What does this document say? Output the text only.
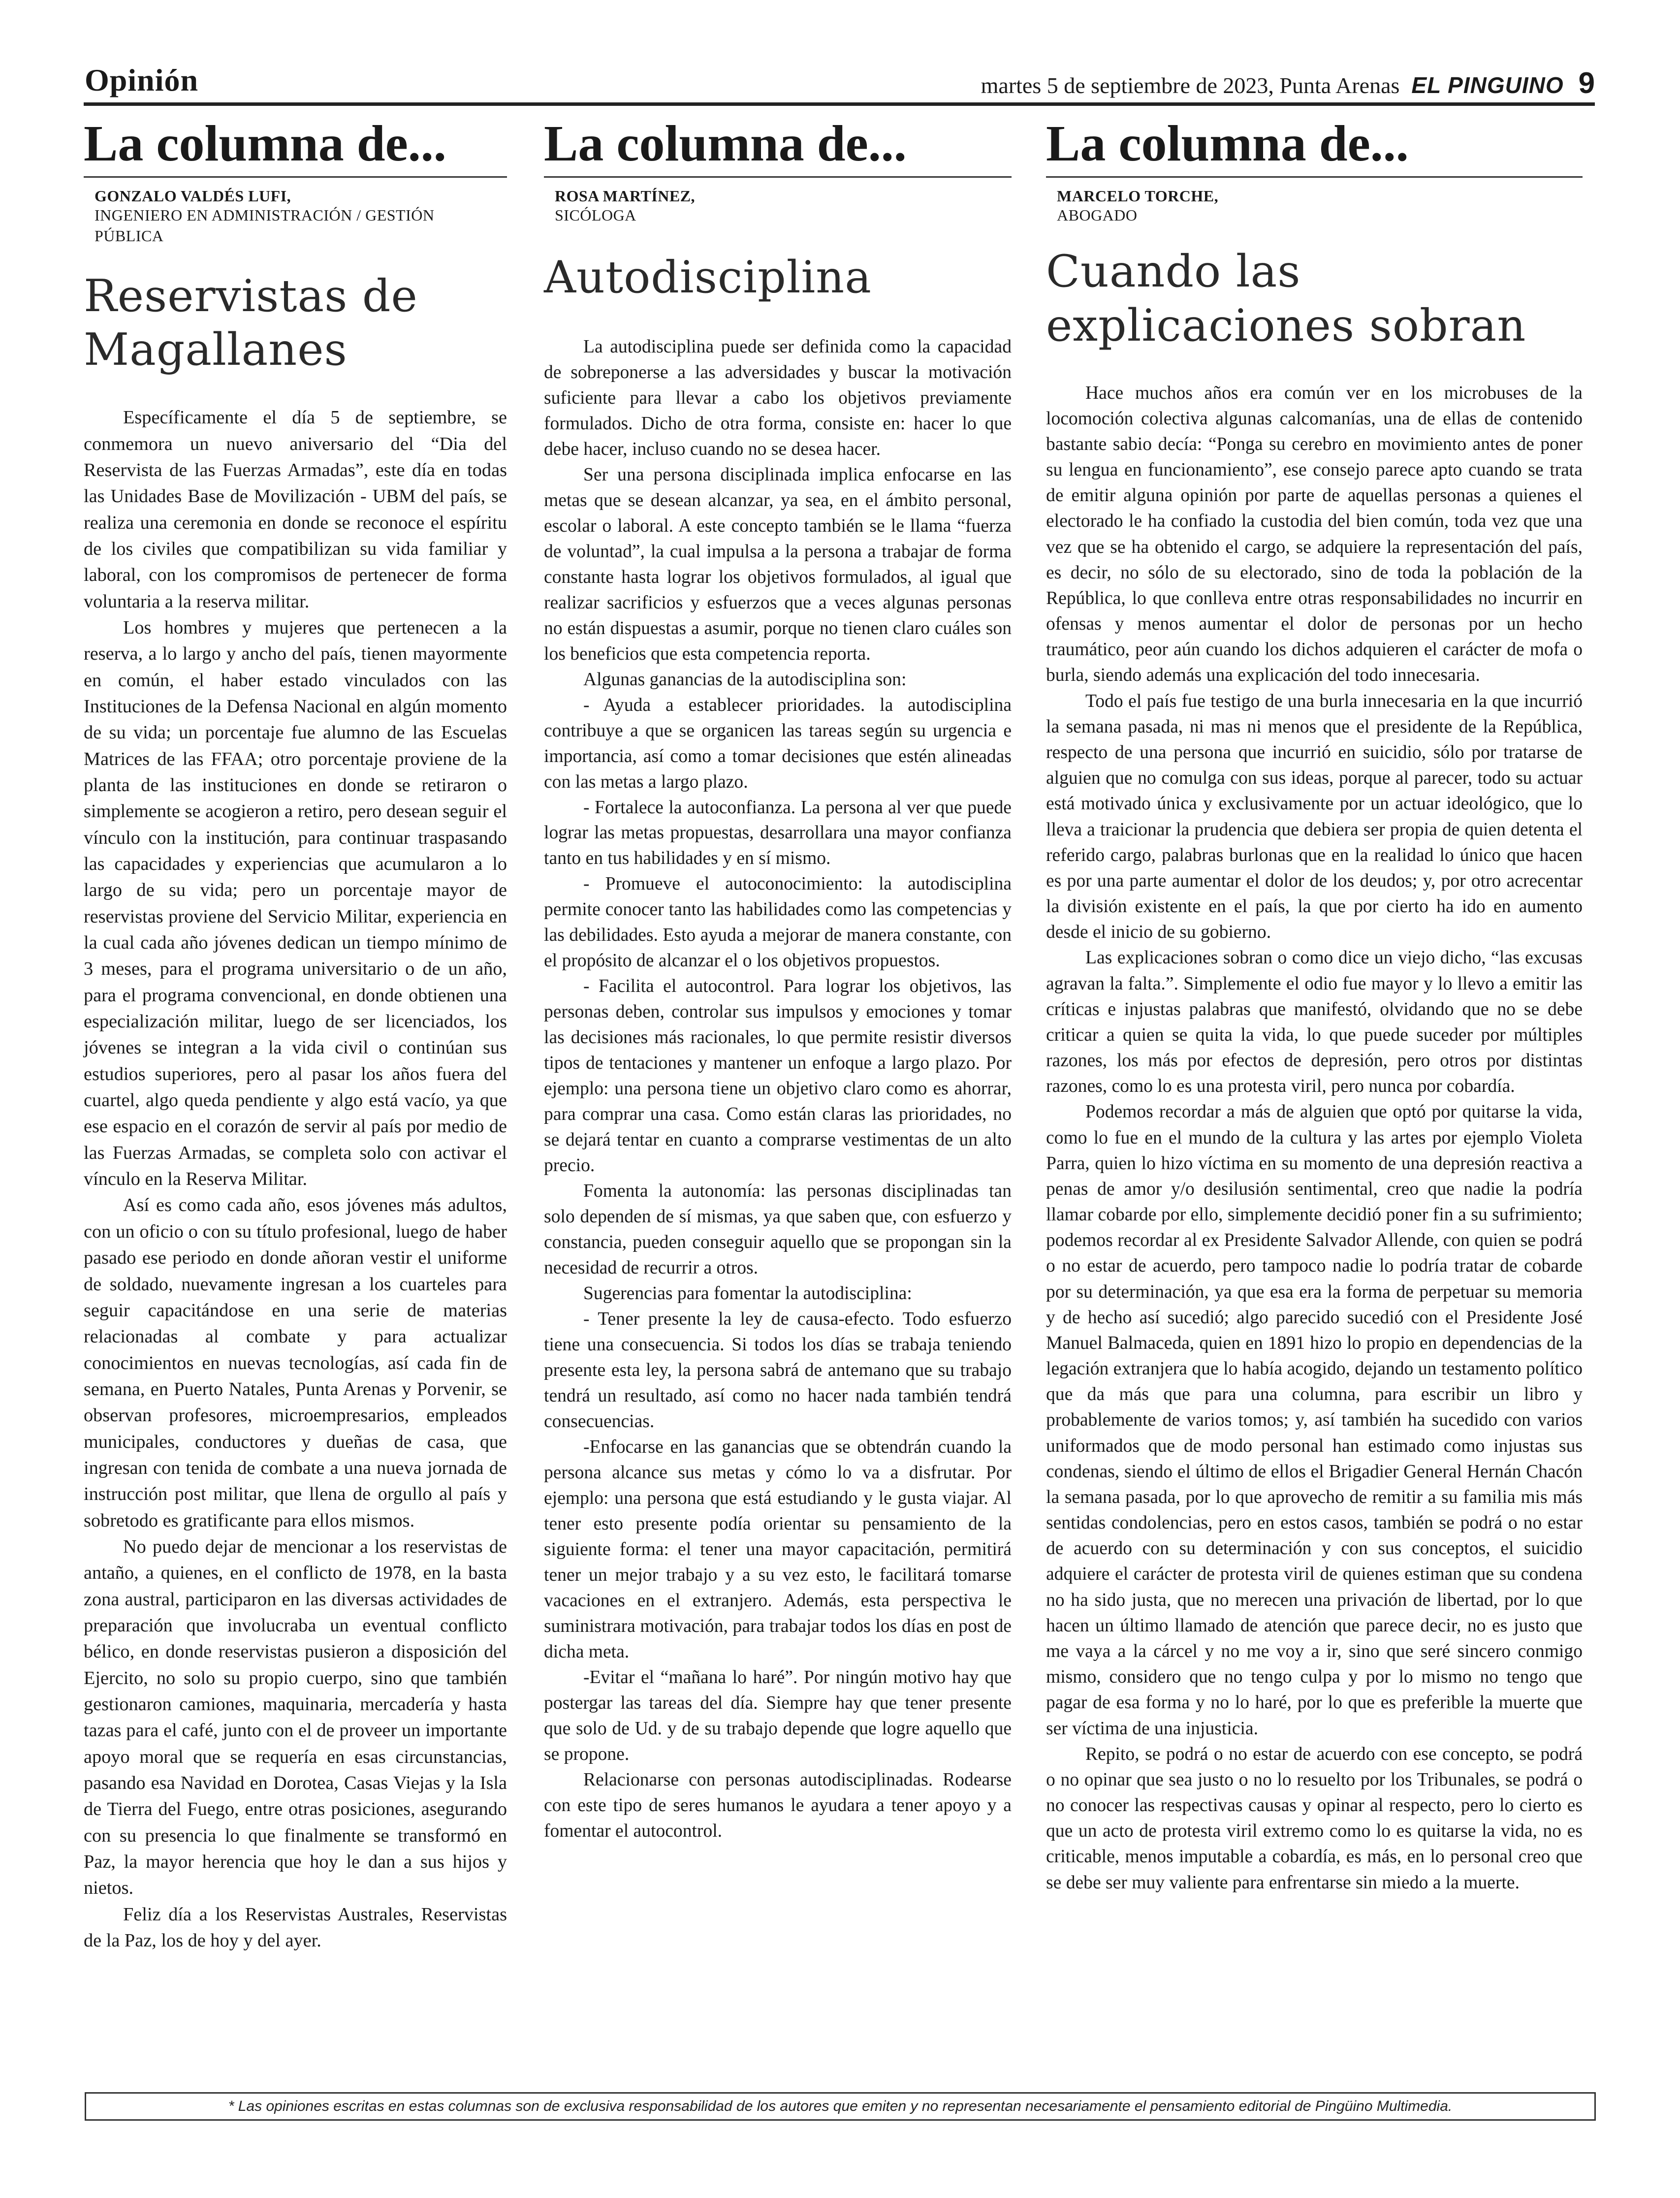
Opinión	martes 5 de septiembre de 2023, Punta Arenas EL PINGUINO 9
La columna de...
GONZALO VALDÉS LUFI,
INGENIERO EN ADMINISTRACIÓN / GESTIÓN PÚBLICA
Reservistas de Magallanes

Específicamente el día 5 de septiembre, se conmemora un nuevo aniversario del “Dia del Reservista de las Fuerzas Armadas”, este día en todas las Unidades Base de Movilización - UBM del país, se realiza una ceremonia en donde se reconoce el espíritu de los civiles que compatibilizan su vida familiar y laboral, con los compromisos de pertenecer de forma voluntaria a la reserva militar.

Los hombres y mujeres que pertenecen a la reserva, a lo largo y ancho del país, tienen mayormente en común, el haber estado vinculados con las Instituciones de la Defensa Nacional en algún momento de su vida; un porcentaje fue alumno de las Escuelas Matrices de las FFAA; otro porcentaje proviene de la planta de las instituciones en donde se retiraron o simplemente se acogieron a retiro, pero desean seguir el vínculo con la institución, para continuar traspasando las capacidades y experiencias que acumularon a lo largo de su vida; pero un porcentaje mayor de reservistas proviene del Servicio Militar, experiencia en la cual cada año jóvenes dedican un tiempo mínimo de 3 meses, para el programa universitario o de un año, para el programa convencional, en donde obtienen una especialización militar, luego de ser licenciados, los jóvenes se integran a la vida civil o continúan sus estudios superiores, pero al pasar los años fuera del cuartel, algo queda pendiente y algo está vacío, ya que ese espacio en el corazón de servir al país por medio de las Fuerzas Armadas, se completa solo con activar el vínculo en la Reserva Militar.

Así es como cada año, esos jóvenes más adultos, con un oficio o con su título profesional, luego de haber pasado ese periodo en donde añoran vestir el uniforme de soldado, nuevamente ingresan a los cuarteles para seguir capacitándose en una serie de materias relacionadas al combate y para actualizar conocimientos en nuevas tecnologías, así cada fin de semana, en Puerto Natales, Punta Arenas y Porvenir, se observan profesores, microempresarios, empleados municipales, conductores y dueñas de casa, que ingresan con tenida de combate a una nueva jornada de instrucción post militar, que llena de orgullo al país y sobretodo es gratificante para ellos mismos.

No puedo dejar de mencionar a los reservistas de antaño, a quienes, en el conflicto de 1978, en la basta zona austral, participaron en las diversas actividades de preparación que involucraba un eventual conflicto bélico, en donde reservistas pusieron a disposición del Ejercito, no solo su propio cuerpo, sino que también gestionaron camiones, maquinaria, mercadería y hasta tazas para el café, junto con el de proveer un importante apoyo moral que se requería en esas circunstancias, pasando esa Navidad en Dorotea, Casas Viejas y la Isla de Tierra del Fuego, entre otras posiciones, asegurando con su presencia lo que finalmente se transformó en Paz, la mayor herencia que hoy le dan a sus hijos y nietos.

Feliz día a los Reservistas Australes, Reservistas de la Paz, los de hoy y del ayer.

La columna de...
ROSA MARTÍNEZ,
SICÓLOGA
Autodisciplina

La autodisciplina puede ser definida como la capacidad de sobreponerse a las adversidades y buscar la motivación suficiente para llevar a cabo los objetivos previamente formulados. Dicho de otra forma, consiste en: hacer lo que debe hacer, incluso cuando no se desea hacer.

Ser una persona disciplinada implica enfocarse en las metas que se desean alcanzar, ya sea, en el ámbito personal, escolar o laboral. A este concepto también se le llama “fuerza de voluntad”, la cual impulsa a la persona a trabajar de forma constante hasta lograr los objetivos formulados, al igual que realizar sacrificios y esfuerzos que a veces algunas personas no están dispuestas a asumir, porque no tienen claro cuáles son los beneficios que esta competencia reporta.

Algunas ganancias de la autodisciplina son:

- Ayuda a establecer prioridades. la autodisciplina contribuye a que se organicen las tareas según su urgencia e importancia, así como a tomar decisiones que estén alineadas con las metas a largo plazo.

- Fortalece la autoconfianza. La persona al ver que puede lograr las metas propuestas, desarrollara una mayor confianza tanto en tus habilidades y en sí mismo.

- Promueve el autoconocimiento: la autodisciplina permite conocer tanto las habilidades como las competencias y las debilidades. Esto ayuda a mejorar de manera constante, con el propósito de alcanzar el o los objetivos propuestos.

- Facilita el autocontrol. Para lograr los objetivos, las personas deben, controlar sus impulsos y emociones y tomar las decisiones más racionales, lo que permite resistir diversos tipos de tentaciones y mantener un enfoque a largo plazo. Por ejemplo: una persona tiene un objetivo claro como es ahorrar, para comprar una casa. Como están claras las prioridades, no se dejará tentar en cuanto a comprarse vestimentas de un alto precio.

Fomenta la autonomía: las personas disciplinadas tan solo dependen de sí mismas, ya que saben que, con esfuerzo y constancia, pueden conseguir aquello que se propongan sin la necesidad de recurrir a otros.

Sugerencias para fomentar la autodisciplina:

- Tener presente la ley de causa-efecto. Todo esfuerzo tiene una consecuencia. Si todos los días se trabaja teniendo presente esta ley, la persona sabrá de antemano que su trabajo tendrá un resultado, así como no hacer nada también tendrá consecuencias.

-Enfocarse en las ganancias que se obtendrán cuando la persona alcance sus metas y cómo lo va a disfrutar. Por ejemplo: una persona que está estudiando y le gusta viajar. Al tener esto presente podía orientar su pensamiento de la siguiente forma: el tener una mayor capacitación, permitirá tener un mejor trabajo y a su vez esto, le facilitará tomarse vacaciones en el extranjero. Además, esta perspectiva le suministrara motivación, para trabajar todos los días en post de dicha meta.

-Evitar el “mañana lo haré”. Por ningún motivo hay que postergar las tareas del día. Siempre hay que tener presente que solo de Ud. y de su trabajo depende que logre aquello que se propone.

Relacionarse con personas autodisciplinadas. Rodearse con este tipo de seres humanos le ayudara a tener apoyo y a fomentar el autocontrol.

La columna de...
MARCELO TORCHE,
ABOGADO
Cuando las explicaciones sobran

Hace muchos años era común ver en los microbuses de la locomoción colectiva algunas calcomanías, una de ellas de contenido bastante sabio decía: “Ponga su cerebro en movimiento antes de poner su lengua en funcionamiento”, ese consejo parece apto cuando se trata de emitir alguna opinión por parte de aquellas personas a quienes el electorado le ha confiado la custodia del bien común, toda vez que una vez que se ha obtenido el cargo, se adquiere la representación del país, es decir, no sólo de su electorado, sino de toda la población de la República, lo que conlleva entre otras responsabilidades no incurrir en ofensas y menos aumentar el dolor de personas por un hecho traumático, peor aún cuando los dichos adquieren el carácter de mofa o burla, siendo además una explicación del todo innecesaria.

Todo el país fue testigo de una burla innecesaria en la que incurrió la semana pasada, ni mas ni menos que el presidente de la República, respecto de una persona que incurrió en suicidio, sólo por tratarse de alguien que no comulga con sus ideas, porque al parecer, todo su actuar está motivado única y exclusivamente por un actuar ideológico, que lo lleva a traicionar la prudencia que debiera ser propia de quien detenta el referido cargo, palabras burlonas que en la realidad lo único que hacen es por una parte aumentar el dolor de los deudos; y, por otro acrecentar la división existente en el país, la que por cierto ha ido en aumento desde el inicio de su gobierno.

Las explicaciones sobran o como dice un viejo dicho, “las excusas agravan la falta.”. Simplemente el odio fue mayor y lo llevo a emitir las críticas e injustas palabras que manifestó, olvidando que no se debe criticar a quien se quita la vida, lo que puede suceder por múltiples razones, los más por efectos de depresión, pero otros por distintas razones, como lo es una protesta viril, pero nunca por cobardía.

Podemos recordar a más de alguien que optó por quitarse la vida, como lo fue en el mundo de la cultura y las artes por ejemplo Violeta Parra, quien lo hizo víctima en su momento de una depresión reactiva a penas de amor y/o desilusión sentimental, creo que nadie la podría llamar cobarde por ello, simplemente decidió poner fin a su sufrimiento; podemos recordar al ex Presidente Salvador Allende, con quien se podrá o no estar de acuerdo, pero tampoco nadie lo podría tratar de cobarde por su determinación, ya que esa era la forma de perpetuar su memoria y de hecho así sucedió; algo parecido sucedió con el Presidente José Manuel Balmaceda, quien en 1891 hizo lo propio en dependencias de la legación extranjera que lo había acogido, dejando un testamento político que da más que para una columna, para escribir un libro y probablemente de varios tomos; y, así también ha sucedido con varios uniformados que de modo personal han estimado como injustas sus condenas, siendo el último de ellos el Brigadier General Hernán Chacón la semana pasada, por lo que aprovecho de remitir a su familia mis más sentidas condolencias, pero en estos casos, también se podrá o no estar de acuerdo con su determinación y con sus conceptos, el suicidio adquiere el carácter de protesta viril de quienes estiman que su condena no ha sido justa, que no merecen una privación de libertad, por lo que hacen un último llamado de atención que parece decir, no es justo que me vaya a la cárcel y no me voy a ir, sino que seré sincero conmigo mismo, considero que no tengo culpa y por lo mismo no tengo que pagar de esa forma y no lo haré, por lo que es preferible la muerte que ser víctima de una injusticia.

Repito, se podrá o no estar de acuerdo con ese concepto, se podrá o no opinar que sea justo o no lo resuelto por los Tribunales, se podrá o no conocer las respectivas causas y opinar al respecto, pero lo cierto es que un acto de protesta viril extremo como lo es quitarse la vida, no es criticable, menos imputable a cobardía, es más, en lo personal creo que se debe ser muy valiente para enfrentarse sin miedo a la muerte.

* Las opiniones escritas en estas columnas son de exclusiva responsabilidad de los autores que emiten y no representan necesariamente el pensamiento editorial de Pingüino Multimedia.
